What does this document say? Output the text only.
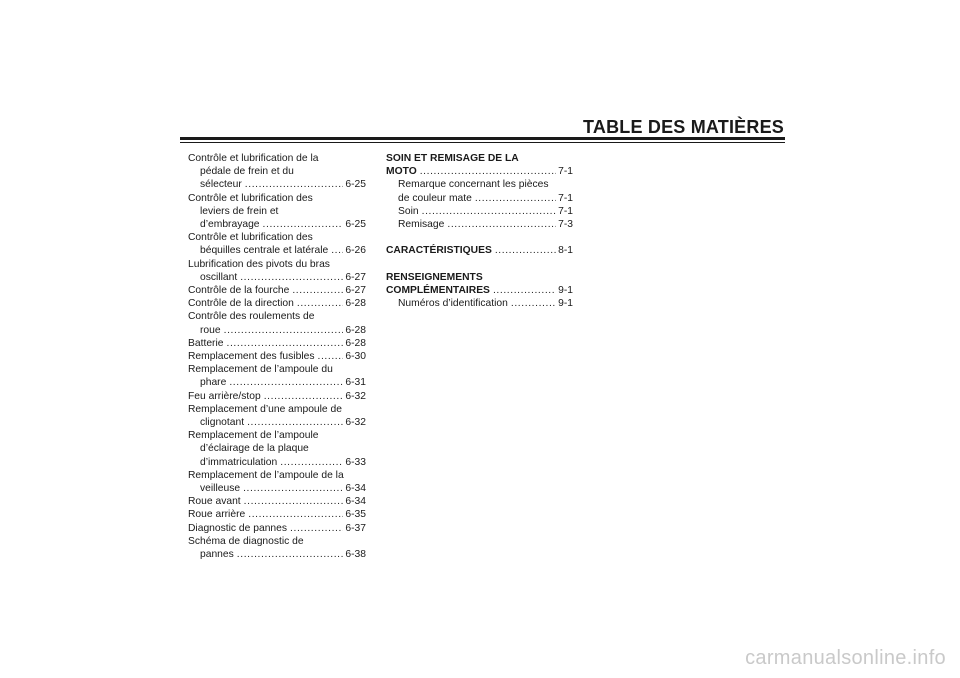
TABLE DES MATIÈRES
Contrôle et lubrification de la
pédale de frein et du
sélecteur .....	6-25
Contrôle et lubrification des
leviers de frein et
d’embrayage .....	6-25
Contrôle et lubrification des
béquilles centrale et latérale ..... 6-26
Lubrification des pivots du bras
oscillant .....	6-27
Contrôle de la fourche .....	6-27
Contrôle de la direction .....	6-28
Contrôle des roulements de
roue .....	6-28
Batterie .....	6-28
Remplacement des fusibles .....	6-30
Remplacement de l’ampoule du
phare .....	6-31
Feu arrière/stop .....	6-32
Remplacement d’une ampoule de
clignotant .....	6-32
Remplacement de l’ampoule
d’éclairage de la plaque
d’immatriculation .....	6-33
Remplacement de l’ampoule de la
veilleuse .....	6-34
Roue avant .....	6-34
Roue arrière .....	6-35
Diagnostic de pannes .....	6-37
Schéma de diagnostic de
pannes .....	6-38
SOIN ET REMISAGE DE LA
MOTO .....	7-1
Remarque concernant les pièces
de couleur mate .....	7-1
Soin .....	7-1
Remisage .....	7-3
CARACTÉRISTIQUES .....	8-1
RENSEIGNEMENTS
COMPLÉMENTAIRES .....	9-1
Numéros d’identification .....	9-1
carmanualsonline.info
